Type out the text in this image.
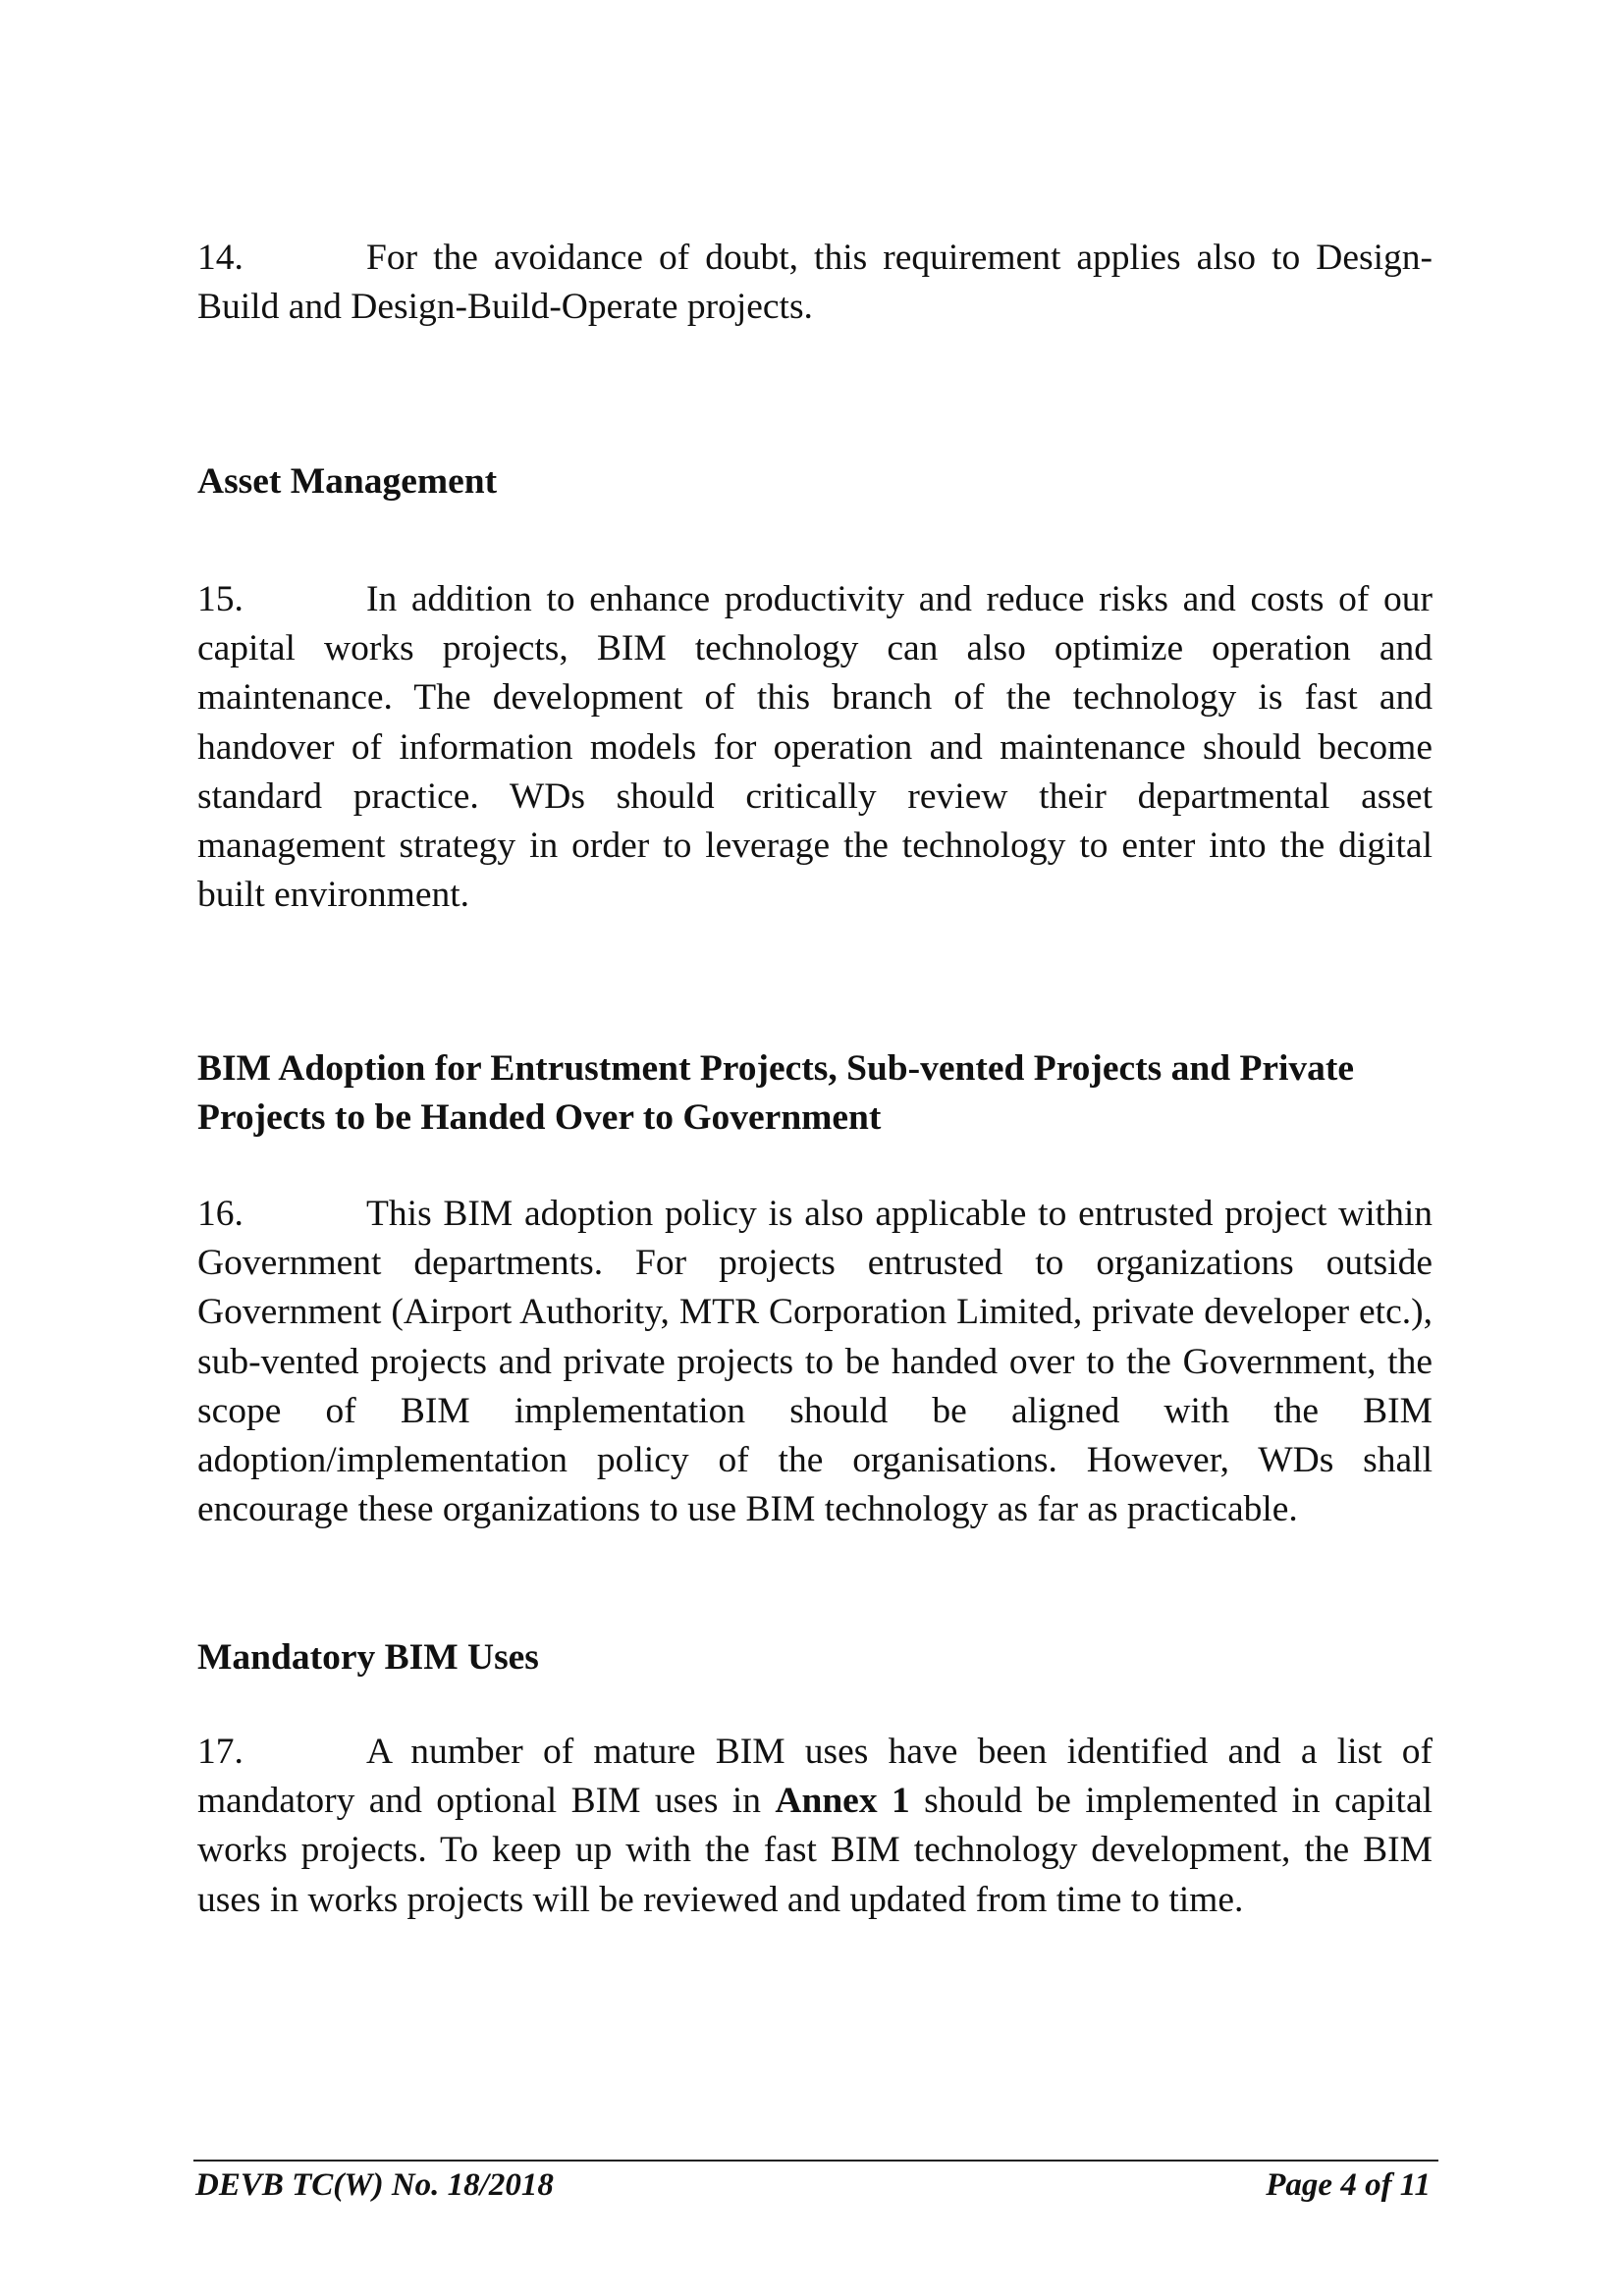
14.	For the avoidance of doubt, this requirement applies also to Design-Build and Design-Build-Operate projects.

Asset Management

15.	In addition to enhance productivity and reduce risks and costs of our capital works projects, BIM technology can also optimize operation and maintenance. The development of this branch of the technology is fast and handover of information models for operation and maintenance should become standard practice. WDs should critically review their departmental asset management strategy in order to leverage the technology to enter into the digital built environment.

BIM Adoption for Entrustment Projects, Sub-vented Projects and Private Projects to be Handed Over to Government

16.	This BIM adoption policy is also applicable to entrusted project within Government departments. For projects entrusted to organizations outside Government (Airport Authority, MTR Corporation Limited, private developer etc.), sub-vented projects and private projects to be handed over to the Government, the scope of BIM implementation should be aligned with the BIM adoption/implementation policy of the organisations. However, WDs shall encourage these organizations to use BIM technology as far as practicable.

Mandatory BIM Uses

17.	A number of mature BIM uses have been identified and a list of mandatory and optional BIM uses in Annex 1 should be implemented in capital works projects. To keep up with the fast BIM technology development, the BIM uses in works projects will be reviewed and updated from time to time.

DEVB TC(W) No. 18/2018	Page 4 of 11
